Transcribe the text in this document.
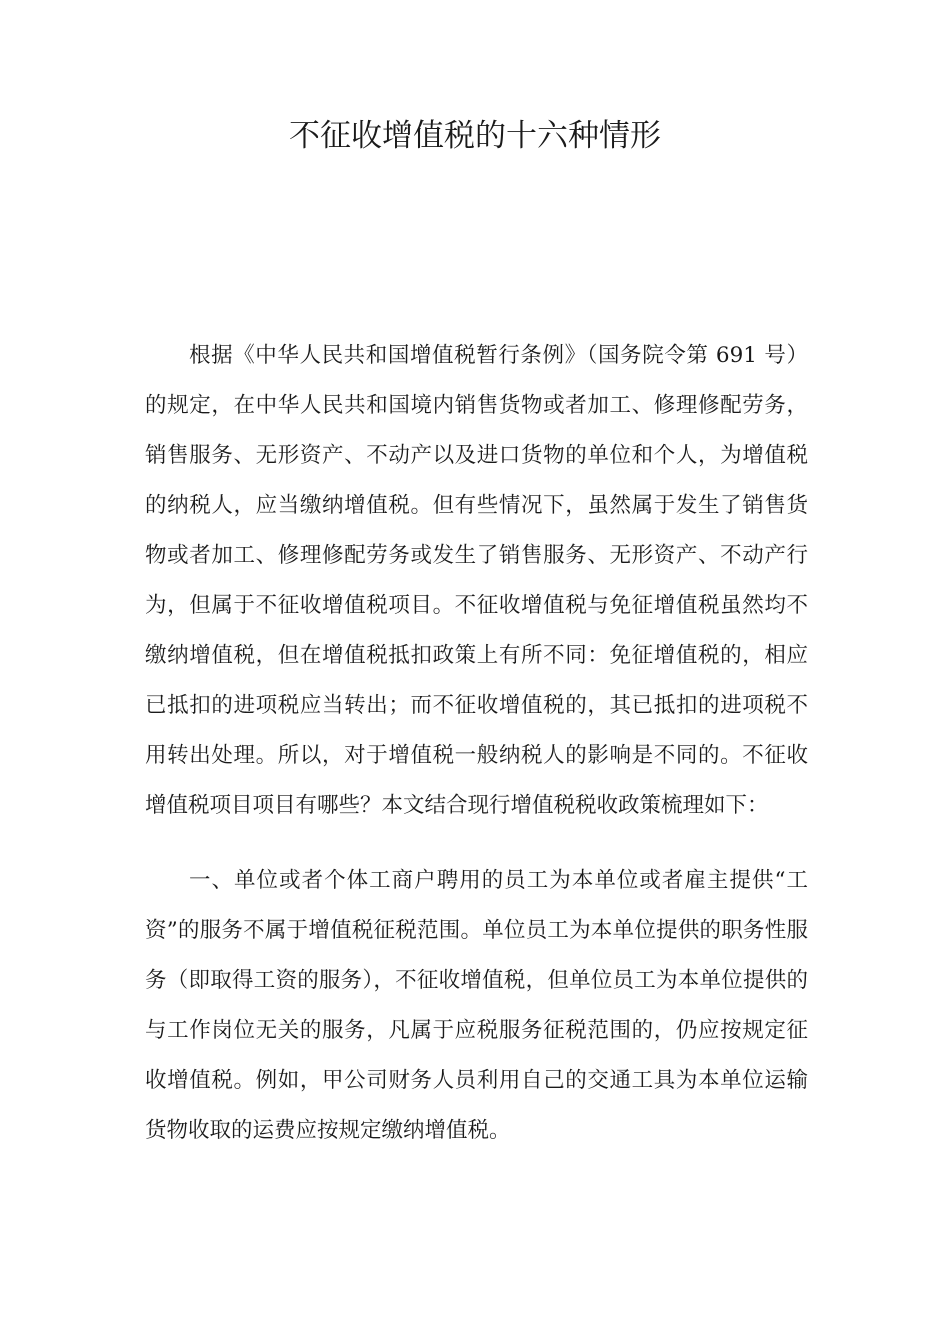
不征收增值税的十六种情形

根据《中华人民共和国增值税暂行条例》（国务院令第 691 号）的规定，在中华人民共和国境内销售货物或者加工、修理修配劳务，销售服务、无形资产、不动产以及进口货物的单位和个人，为增值税的纳税人，应当缴纳增值税。但有些情况下，虽然属于发生了销售货物或者加工、修理修配劳务或发生了销售服务、无形资产、不动产行为，但属于不征收增值税项目。不征收增值税与免征增值税虽然均不缴纳增值税，但在增值税抵扣政策上有所不同：免征增值税的，相应已抵扣的进项税应当转出；而不征收增值税的，其已抵扣的进项税不用转出处理。所以，对于增值税一般纳税人的影响是不同的。不征收增值税项目项目有哪些？本文结合现行增值税税收政策梳理如下：

一、单位或者个体工商户聘用的员工为本单位或者雇主提供“工资”的服务不属于增值税征税范围。单位员工为本单位提供的职务性服务（即取得工资的服务），不征收增值税，但单位员工为本单位提供的与工作岗位无关的服务，凡属于应税服务征税范围的，仍应按规定征收增值税。例如，甲公司财务人员利用自己的交通工具为本单位运输货物收取的运费应按规定缴纳增值税。
